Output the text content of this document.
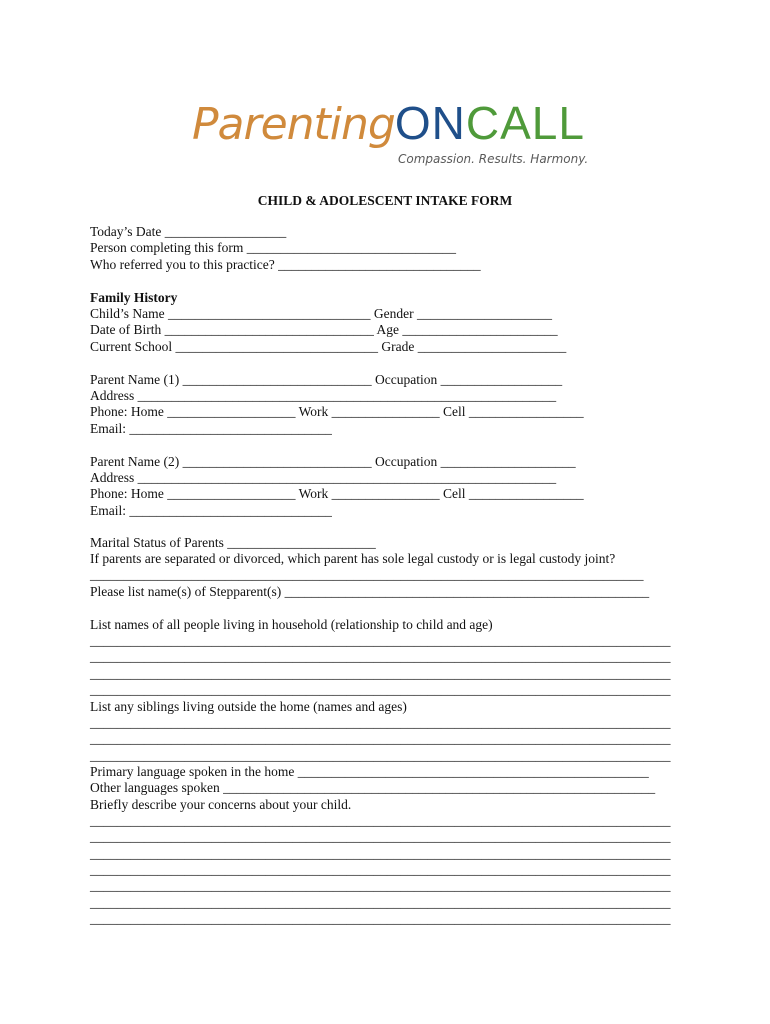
ParentingONCALL
Compassion. Results. Harmony.
CHILD & ADOLESCENT INTAKE FORM
Today’s Date __________________
Person completing this form _______________________________
Who referred you to this practice? ______________________________
Family History
Child’s Name ______________________________ Gender ____________________
Date of Birth _______________________________ Age _______________________
Current School ______________________________ Grade ______________________
Parent Name (1) ____________________________ Occupation __________________
Address ______________________________________________________________
Phone: Home ___________________ Work ________________ Cell _________________
Email: ______________________________
Parent Name (2) ____________________________ Occupation ____________________
Address ______________________________________________________________
Phone: Home ___________________ Work ________________ Cell _________________
Email: ______________________________
Marital Status of Parents ______________________
If parents are separated or divorced, which parent has sole legal custody or is legal custody joint?
__________________________________________________________________________________
Please list name(s) of Stepparent(s) ______________________________________________________
List names of all people living in household (relationship to child and age)
______________________________________________________________________________________
______________________________________________________________________________________
______________________________________________________________________________________
______________________________________________________________________________________
List any siblings living outside the home (names and ages)
______________________________________________________________________________________
______________________________________________________________________________________
______________________________________________________________________________________
Primary language spoken in the home ____________________________________________________
Other languages spoken ________________________________________________________________
Briefly describe your concerns about your child.
______________________________________________________________________________________
______________________________________________________________________________________
______________________________________________________________________________________
______________________________________________________________________________________
______________________________________________________________________________________
______________________________________________________________________________________
______________________________________________________________________________________
